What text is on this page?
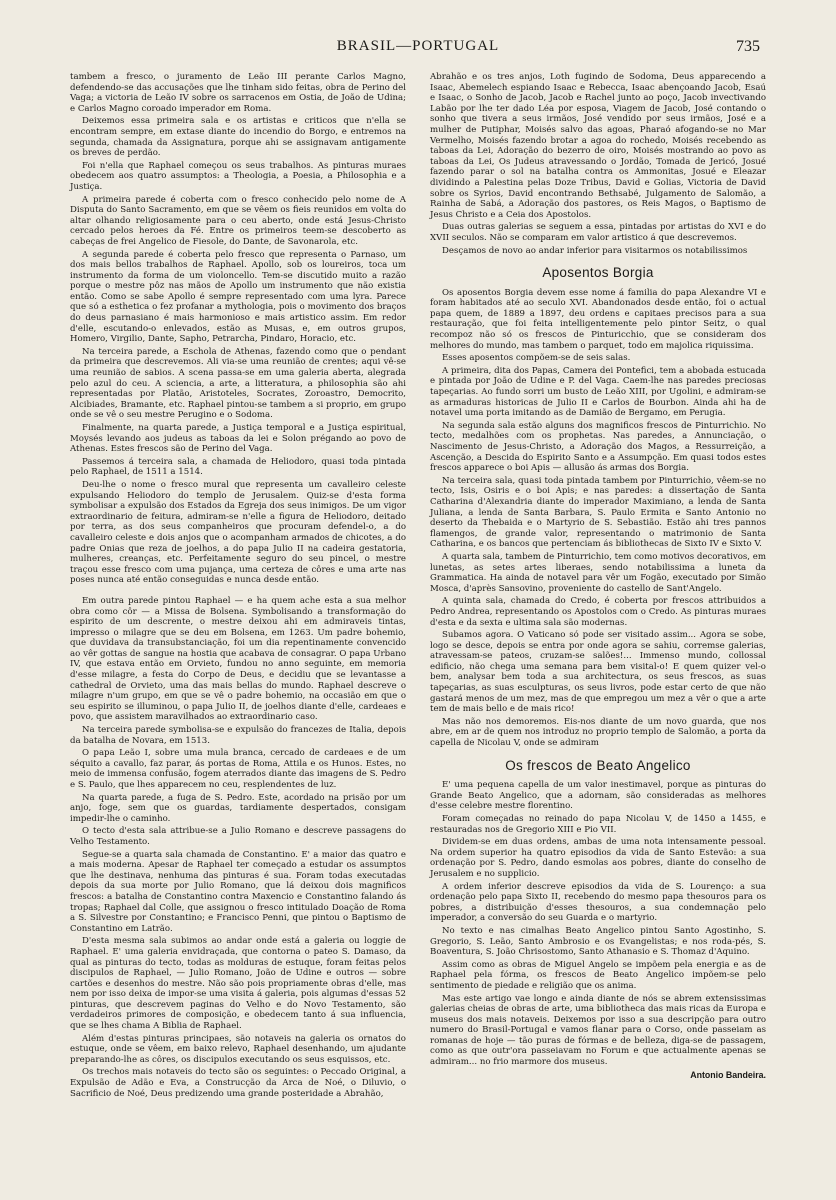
BRASIL—PORTUGAL	735

tambem a fresco, o juramento de Leão III perante Carlos Magno, defendendo-se das accusações que lhe tinham sido feitas, obra de Perino del Vaga; a victoria de Leão IV sobre os sarracenos em Ostia, de João de Udina; e Carlos Magno coroado imperador em Roma.

Deixemos essa primeira sala e os artistas e criticos que n'ella se encontram sempre, em extase diante do incendio do Borgo, e entremos na segunda, chamada da Assignatura, porque ahi se assignavam antigamente os breves de perdão.

Foi n'ella que Raphael começou os seus trabalhos. As pinturas muraes obedecem aos quatro assumptos: a Theologia, a Poesia, a Philosophia e a Justiça.

A primeira parede é coberta com o fresco conhecido pelo nome de A Disputa do Santo Sacramento, em que se vêem os fieis reunidos em volta do altar olhando religiosamente para o ceu aberto, onde está Jesus-Christo cercado pelos heroes da Fé. Entre os primeiros teem-se descoberto as cabeças de frei Angelico de Fiesole, do Dante, de Savonarola, etc.

A segunda parede é coberta pelo fresco que representa o Parnaso, um dos mais bellos trabalhos de Raphael. Apollo, sob os loureiros, toca um instrumento da forma de um violoncello. Tem-se discutido muito a razão porque o mestre pôz nas mãos de Apollo um instrumento que não existia então. Como se sabe Apollo é sempre representado com uma lyra. Parece que só a esthetica o fez profanar a mythologia, pois o movimento dos braços do deus parnasiano é mais harmonioso e mais artistico assim. Em redor d'elle, escutando-o enlevados, estão as Musas, e, em outros grupos, Homero, Virgilio, Dante, Sapho, Petrarcha, Pindaro, Horacio, etc.

Na terceira parede, a Eschola de Athenas, fazendo como que o pendant da primeira que descrevemos. Ali via-se uma reunião de crentes; aqui vê-se uma reunião de sabios. A scena passa-se em uma galeria aberta, alegrada pelo azul do ceu. A sciencia, a arte, a litteratura, a philosophia são ahi representadas por Platão, Aristoteles, Socrates, Zoroastro, Democrito, Alcibiades, Bramante, etc. Raphael pintou-se tambem a si proprio, em grupo onde se vê o seu mestre Perugino e o Sodoma.

Finalmente, na quarta parede, a Justiça temporal e a Justiça espiritual, Moysés levando aos judeus as taboas da lei e Solon prégando ao povo de Athenas. Estes frescos são de Perino del Vaga.

Passemos á terceira sala, a chamada de Heliodoro, quasi toda pintada pelo Raphael, de 1511 a 1514.

Deu-lhe o nome o fresco mural que representa um cavalleiro celeste expulsando Heliodoro do templo de Jerusalem. Quiz-se d'esta forma symbolisar a expulsão dos Estados da Egreja dos seus inimigos. De um vigor extraordinario de feitura, admiram-se n'elle a figura de Heliodoro, deitado por terra, as dos seus companheiros que procuram defendel-o, a do cavalleiro celeste e dois anjos que o acompanham armados de chicotes, a do padre Onias que reza de joelhos, a do papa Julio II na cadeira gestatoria, mulheres, creanças, etc. Perfeitamente seguro do seu pincel, o mestre traçou esse fresco com uma pujança, uma certeza de côres e uma arte nas poses nunca até então conseguidas e nunca desde então.

Em outra parede pintou Raphael — e ha quem ache esta a sua melhor obra como côr — a Missa de Bolsena. Symbolisando a transformação do espirito de um descrente, o mestre deixou ahi em admiraveis tintas, impresso o milagre que se deu em Bolsena, em 1263. Um padre bohemio, que duvidava da transubstanciação, foi um dia repentinamente convencido ao vêr gottas de sangue na hostia que acabava de consagrar. O papa Urbano IV, que estava então em Orvieto, fundou no anno seguinte, em memoria d'esse milagre, a festa do Corpo de Deus, e decidiu que se levantasse a cathedral de Orvieto, uma das mais bellas do mundo. Raphael descreve o milagre n'um grupo, em que se vê o padre bohemio, na occasião em que o seu espirito se illuminou, o papa Julio II, de joelhos diante d'elle, cardeaes e povo, que assistem maravilhados ao extraordinario caso.

Na terceira parede symbolisa-se e expulsão do francezes de Italia, depois da batalha de Novara, em 1513.

O papa Leão I, sobre uma mula branca, cercado de cardeaes e de um séquito a cavallo, faz parar, ás portas de Roma, Attila e os Hunos. Estes, no meio de immensa confusão, fogem aterrados diante das imagens de S. Pedro e S. Paulo, que lhes apparecem no ceu, resplendentes de luz.

Na quarta parede, a fuga de S. Pedro. Este, acordado na prisão por um anjo, foge, sem que os guardas, tardiamente despertados, consigam impedir-lhe o caminho.

O tecto d'esta sala attribue-se a Julio Romano e descreve passagens do Velho Testamento.

Segue-se a quarta sala chamada de Constantino. E' a maior das quatro e a mais moderna. Apesar de Raphael ter começado a estudar os assumptos que lhe destinava, nenhuma das pinturas é sua. Foram todas executadas depois da sua morte por Julio Romano, que lá deixou dois magnificos frescos: a batalha de Constantino contra Maxencio e Constantino falando ás tropas; Raphael dal Colle, que assignou o fresco intitulado Doação de Roma a S. Silvestre por Constantino; e Francisco Penni, que pintou o Baptismo de Constantino em Latrão.

D'esta mesma sala subimos ao andar onde está a galeria ou loggie de Raphael. E' uma galeria envidraçada, que contorna o pateo S. Damaso, da qual as pinturas do tecto, todas as molduras de estuque, foram feitas pelos discipulos de Raphael, — Julio Romano, João de Udine e outros — sobre cartões e desenhos do mestre. Não são pois propriamente obras d'elle, mas nem por isso deixa de impor-se uma visita á galeria, pois algumas d'essas 52 pinturas, que descrevem paginas do Velho e do Novo Testamento, são verdadeiros primores de composição, e obedecem tanto á sua influencia, que se lhes chama A Biblia de Raphael.

Além d'estas pinturas principaes, são notaveis na galeria os ornatos do estuque, onde se vêem, em baixo relevo, Raphael desenhando, um ajudante preparando-lhe as côres, os discipulos executando os seus esquissos, etc.

Os trechos mais notaveis do tecto são os seguintes: o Peccado Original, a Expulsão de Adão e Eva, a Construcção da Arca de Noé, o Diluvio, o Sacrificio de Noé, Deus predizendo uma grande posteridade a Abrahão,

Abrahão e os tres anjos, Loth fugindo de Sodoma, Deus apparecendo a Isaac, Abemelech espiando Isaac e Rebecca, Isaac abençoando Jacob, Esaú e Isaac, o Sonho de Jacob, Jacob e Rachel junto ao poço, Jacob invectivando Labão por lhe ter dado Léa por esposa, Viagem de Jacob, José contando o sonho que tivera a seus irmãos, José vendido por seus irmãos, José e a mulher de Putiphar, Moisés salvo das agoas, Pharaó afogando-se no Mar Vermelho, Moisés fazendo brotar a agoa do rochedo, Moisés recebendo as taboas da Lei, Adoração do bezerro de oiro, Moisés mostrando ao povo as taboas da Lei, Os Judeus atravessando o Jordão, Tomada de Jericó, Josué fazendo parar o sol na batalha contra os Ammonitas, Josué e Eleazar dividindo a Palestina pelas Doze Tribus, David e Golias, Victoria de David sobre os Syrios, David encontrando Bethsabé, Julgamento de Salomão, a Rainha de Sabá, a Adoração dos pastores, os Reis Magos, o Baptismo de Jesus Christo e a Ceia dos Apostolos.

Duas outras galerias se seguem a essa, pintadas por artistas do XVI e do XVII seculos. Não se comparam em valor artistico á que descrevemos.

Desçamos de novo ao andar inferior para visitarmos os notabilissimos

Aposentos Borgia

Os aposentos Borgia devem esse nome á familia do papa Alexandre VI e foram habitados até ao seculo XVI. Abandonados desde então, foi o actual papa quem, de 1889 a 1897, deu ordens e capitaes precisos para a sua restauração, que foi feita intelligentemente pelo pintor Seitz, o qual recompoz não só os frescos de Pinturicchio, que se consideram dos melhores do mundo, mas tambem o parquet, todo em majolica riquissima.

Esses aposentos compõem-se de seis salas.

A primeira, dita dos Papas, Camera dei Pontefici, tem a abobada estucada e pintada por João de Udine e P. del Vaga. Caem-lhe nas paredes preciosas tapeçarias. Ao fundo sorri um busto de Leão XIII, por Ugolini, e admiram-se as armaduras historicas de Julio II e Carlos de Bourbon. Ainda ahi ha de notavel uma porta imitando as de Damião de Bergamo, em Perugia.

Na segunda sala estão alguns dos magnificos frescos de Pinturrichio. No tecto, medalhões com os prophetas. Nas paredes, a Annunciação, o Nascimento de Jesus-Christo, a Adoração dos Magos, a Ressurreição, a Ascenção, a Descida do Espirito Santo e a Assumpção. Em quasi todos estes frescos apparece o boi Apis — allusão ás armas dos Borgia.

Na terceira sala, quasi toda pintada tambem por Pinturrichio, vêem-se no tecto, Isis, Osiris e o boi Apis; e nas paredes: a dissertação de Santa Catharina d'Alexandria diante do imperador Maximiano, a lenda de Santa Juliana, a lenda de Santa Barbara, S. Paulo Ermita e Santo Antonio no deserto da Thebaida e o Martyrio de S. Sebastião. Estão ahi tres pannos flamengos, de grande valor, representando o matrimonio de Santa Catharina, e os bancos que pertenciam ás bibliothecas de Sixto IV e Sixto V.

A quarta sala, tambem de Pinturrichio, tem como motivos decorativos, em lunetas, as setes artes liberaes, sendo notabilissima a luneta da Grammatica. Ha ainda de notavel para vêr um Fogão, executado por Simão Mosca, d'après Sansovino, proveniente do castello de Sant'Angelo.

A quinta sala, chamada do Credo, é coberta por frescos attribuidos a Pedro Andrea, representando os Apostolos com o Credo. As pinturas muraes d'esta e da sexta e ultima sala são modernas.

Subamos agora. O Vaticano só pode ser visitado assim... Agora se sobe, logo se desce, depois se entra por onde agora se sahiu, corremse galerias, atravessam-se pateos, cruzam-se salões!... Immenso mundo, collossal edificio, não chega uma semana para bem visital-o! E quem quizer vel-o bem, analysar bem toda a sua architectura, os seus frescos, as suas tapeçarias, as suas esculpturas, os seus livros, pode estar certo de que não gastará menos de um mez, mas de que empregou um mez a vêr o que a arte tem de mais bello e de mais rico!

Mas não nos demoremos. Eis-nos diante de um novo guarda, que nos abre, em ar de quem nos introduz no proprio templo de Salomão, a porta da capella de Nicolau V, onde se admiram

Os frescos de Beato Angelico

E' uma pequena capella de um valor inestimavel, porque as pinturas do Grande Beato Angelico, que a adornam, são consideradas as melhores d'esse celebre mestre florentino.

Foram começadas no reinado do papa Nicolau V, de 1450 a 1455, e restauradas nos de Gregorio XIII e Pio VII.

Dividem-se em duas ordens, ambas de uma nota intensamente pessoal. Na ordem superior ha quatro episodios da vida de Santo Estevão: a sua ordenação por S. Pedro, dando esmolas aos pobres, diante do conselho de Jerusalem e no supplicio.

A ordem inferior descreve episodios da vida de S. Lourenço: a sua ordenação pelo papa Sixto II, recebendo do mesmo papa thesouros para os pobres, a distribuição d'esses thesouros, a sua condemnação pelo imperador, a conversão do seu Guarda e o martyrio.

No texto e nas cimalhas Beato Angelico pintou Santo Agostinho, S. Gregorio, S. Leão, Santo Ambrosio e os Evangelistas; e nos roda-pés, S. Boaventura, S. João Chrisostomo, Santo Athanasio e S. Thomaz d'Aquino.

Assim como as obras de Miguel Angelo se impõem pela energia e as de Raphael pela fórma, os frescos de Beato Angelico impõem-se pelo sentimento de piedade e religião que os anima.

Mas este artigo vae longo e ainda diante de nós se abrem extensissimas galerias cheias de obras de arte, uma bibliotheca das mais ricas da Europa e museus dos mais notaveis. Deixemos por isso a sua descripção para outro numero do Brasil-Portugal e vamos flanar para o Corso, onde passeiam as romanas de hoje — tão puras de fórmas e de belleza, diga-se de passagem, como as que outr'ora passeiavam no Forum e que actualmente apenas se admiram... no frio marmore dos museus.

Antonio Bandeira.
